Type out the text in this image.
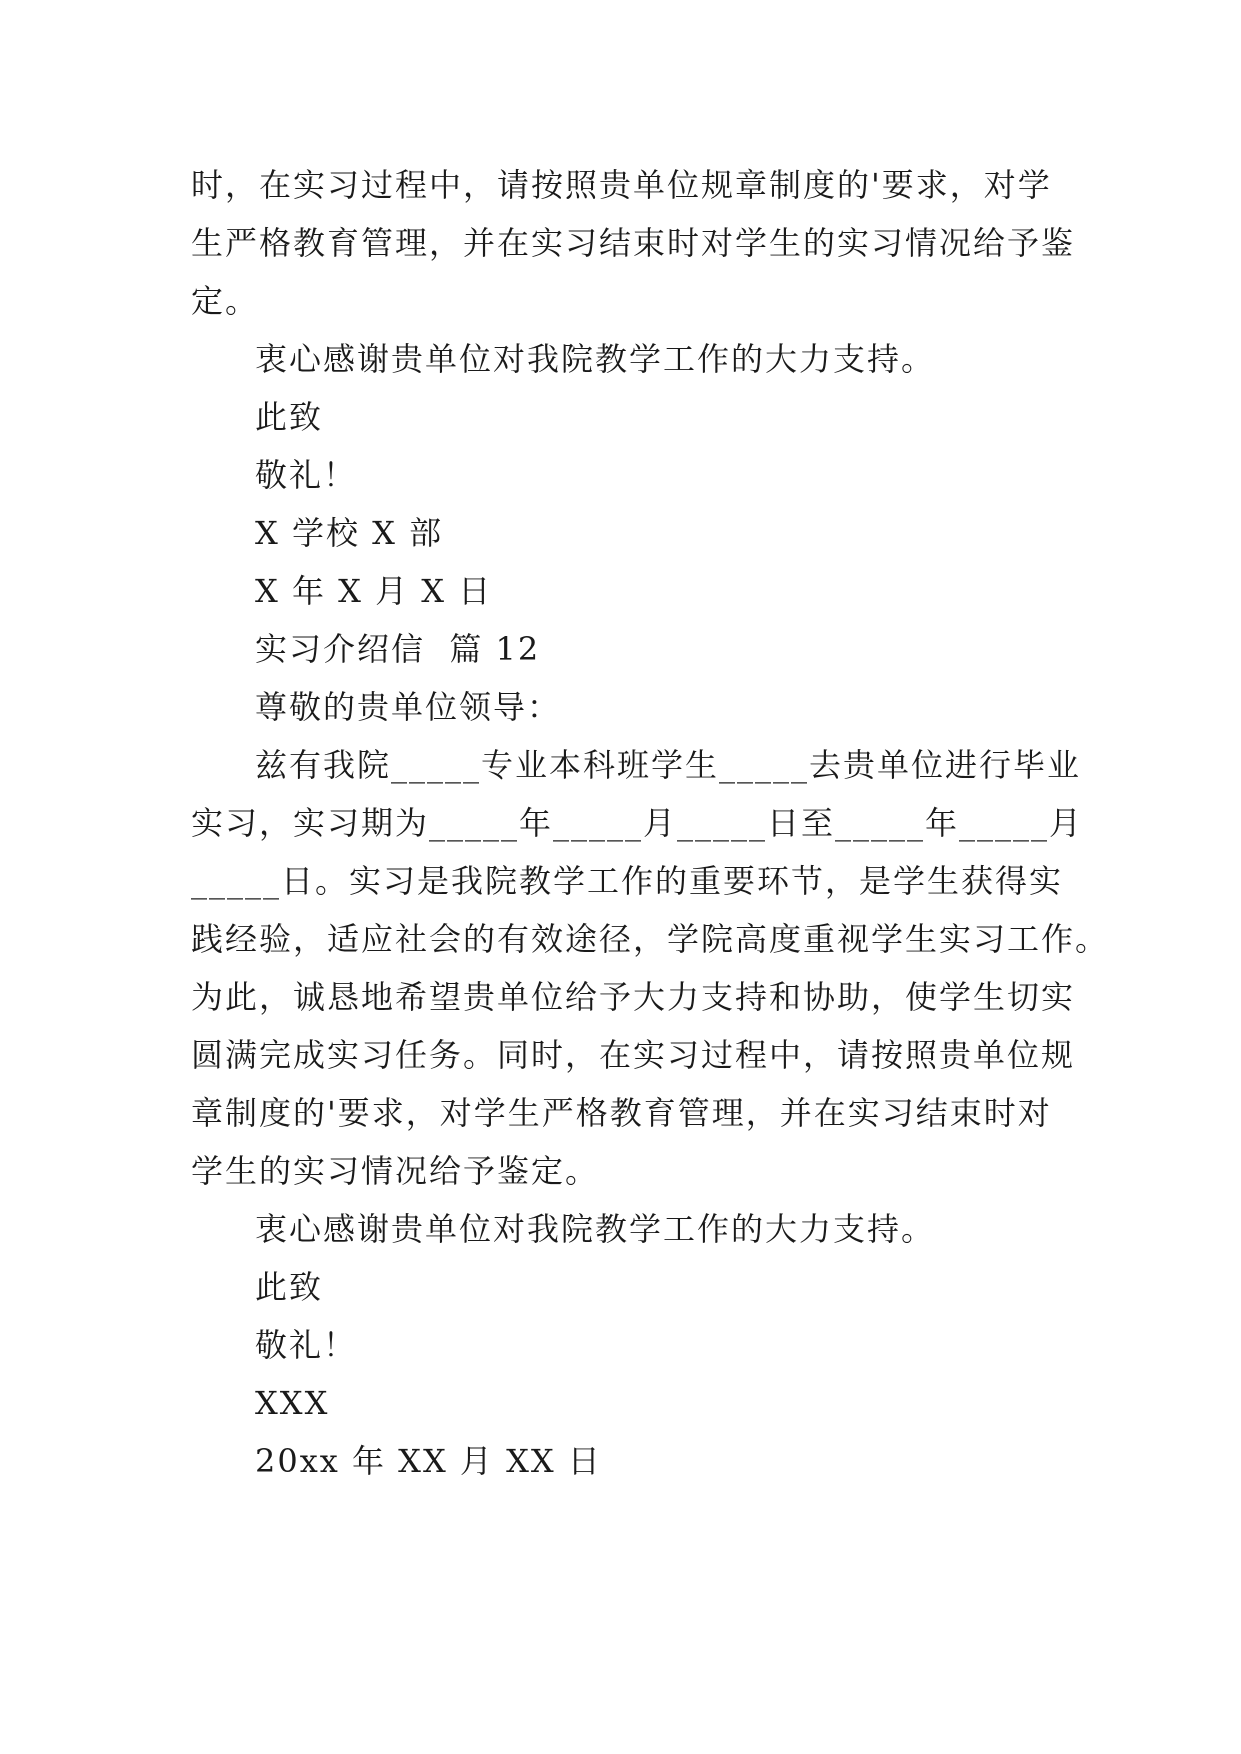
时，在实习过程中，请按照贵单位规章制度的'要求，对学
生严格教育管理，并在实习结束时对学生的实习情况给予鉴
定。
衷心感谢贵单位对我院教学工作的大力支持。
此致
敬礼！
X 学校 X 部
X 年 X 月 X 日
实习介绍信  篇 12
尊敬的贵单位领导：
兹有我院_____专业本科班学生_____去贵单位进行毕业
实习，实习期为_____年_____月_____日至_____年_____月
_____日。实习是我院教学工作的重要环节，是学生获得实
践经验，适应社会的有效途径，学院高度重视学生实习工作。
为此，诚恳地希望贵单位给予大力支持和协助，使学生切实
圆满完成实习任务。同时，在实习过程中，请按照贵单位规
章制度的'要求，对学生严格教育管理，并在实习结束时对
学生的实习情况给予鉴定。
衷心感谢贵单位对我院教学工作的大力支持。
此致
敬礼！
XXX
20xx 年 XX 月 XX 日
